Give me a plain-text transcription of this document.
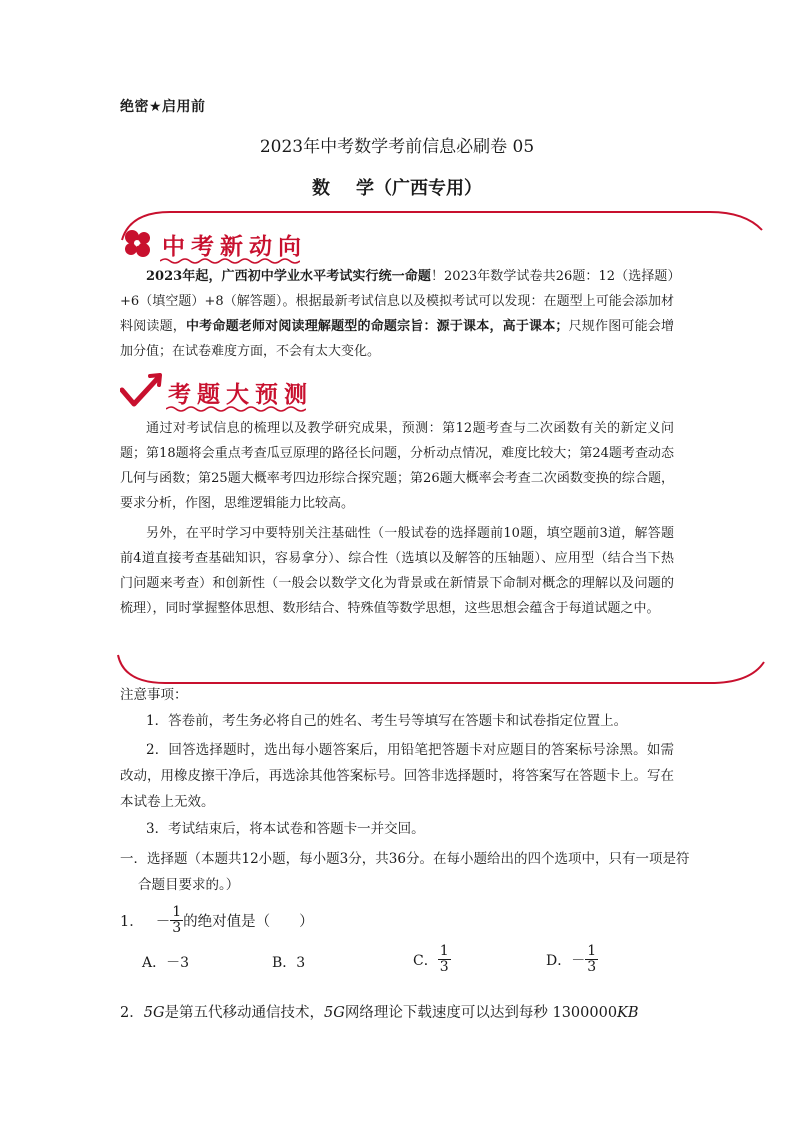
绝密★启用前
2023年中考数学考前信息必刷卷 05
数 学（广西专用）
中考新动向
2023年起，广西初中学业水平考试实行统一命题！2023年数学试卷共26题：12（选择题）+6（填空题）+8（解答题）。根据最新考试信息以及模拟考试可以发现：在题型上可能会添加材料阅读题，中考命题老师对阅读理解题型的命题宗旨：源于课本，高于课本；尺规作图可能会增加分值；在试卷难度方面，不会有太大变化。
考题大预测
通过对考试信息的梳理以及教学研究成果，预测：第12题考查与二次函数有关的新定义问题；第18题将会重点考查瓜豆原理的路径长问题，分析动点情况，难度比较大；第24题考查动态几何与函数；第25题大概率考四边形综合探究题；第26题大概率会考查二次函数变换的综合题，要求分析，作图，思维逻辑能力比较高。
另外，在平时学习中要特别关注基础性（一般试卷的选择题前10题，填空题前3道，解答题前4道直接考查基础知识，容易拿分）、综合性（选填以及解答的压轴题）、应用型（结合当下热门问题来考查）和创新性（一般会以数学文化为背景或在新情景下命制对概念的理解以及问题的梳理），同时掌握整体思想、数形结合、特殊值等数学思想，这些思想会蕴含于每道试题之中。
注意事项：
1．答卷前，考生务必将自己的姓名、考生号等填写在答题卡和试卷指定位置上。
2．回答选择题时，选出每小题答案后，用铅笔把答题卡对应题目的答案标号涂黑。如需改动，用橡皮擦干净后，再选涂其他答案标号。回答非选择题时，将答案写在答题卡上。写在本试卷上无效。
3．考试结束后，将本试卷和答题卡一并交回。
一．选择题（本题共12小题，每小题3分，共36分。在每小题给出的四个选项中，只有一项是符合题目要求的。）
1． － $\frac{1}{3}$ 的绝对值是（　　）
A．－3	B．3	C． $\frac{1}{3}$	D．－ $\frac{1}{3}$
2．5G是第五代移动通信技术，5G网络理论下载速度可以达到每秒 1300000KB
